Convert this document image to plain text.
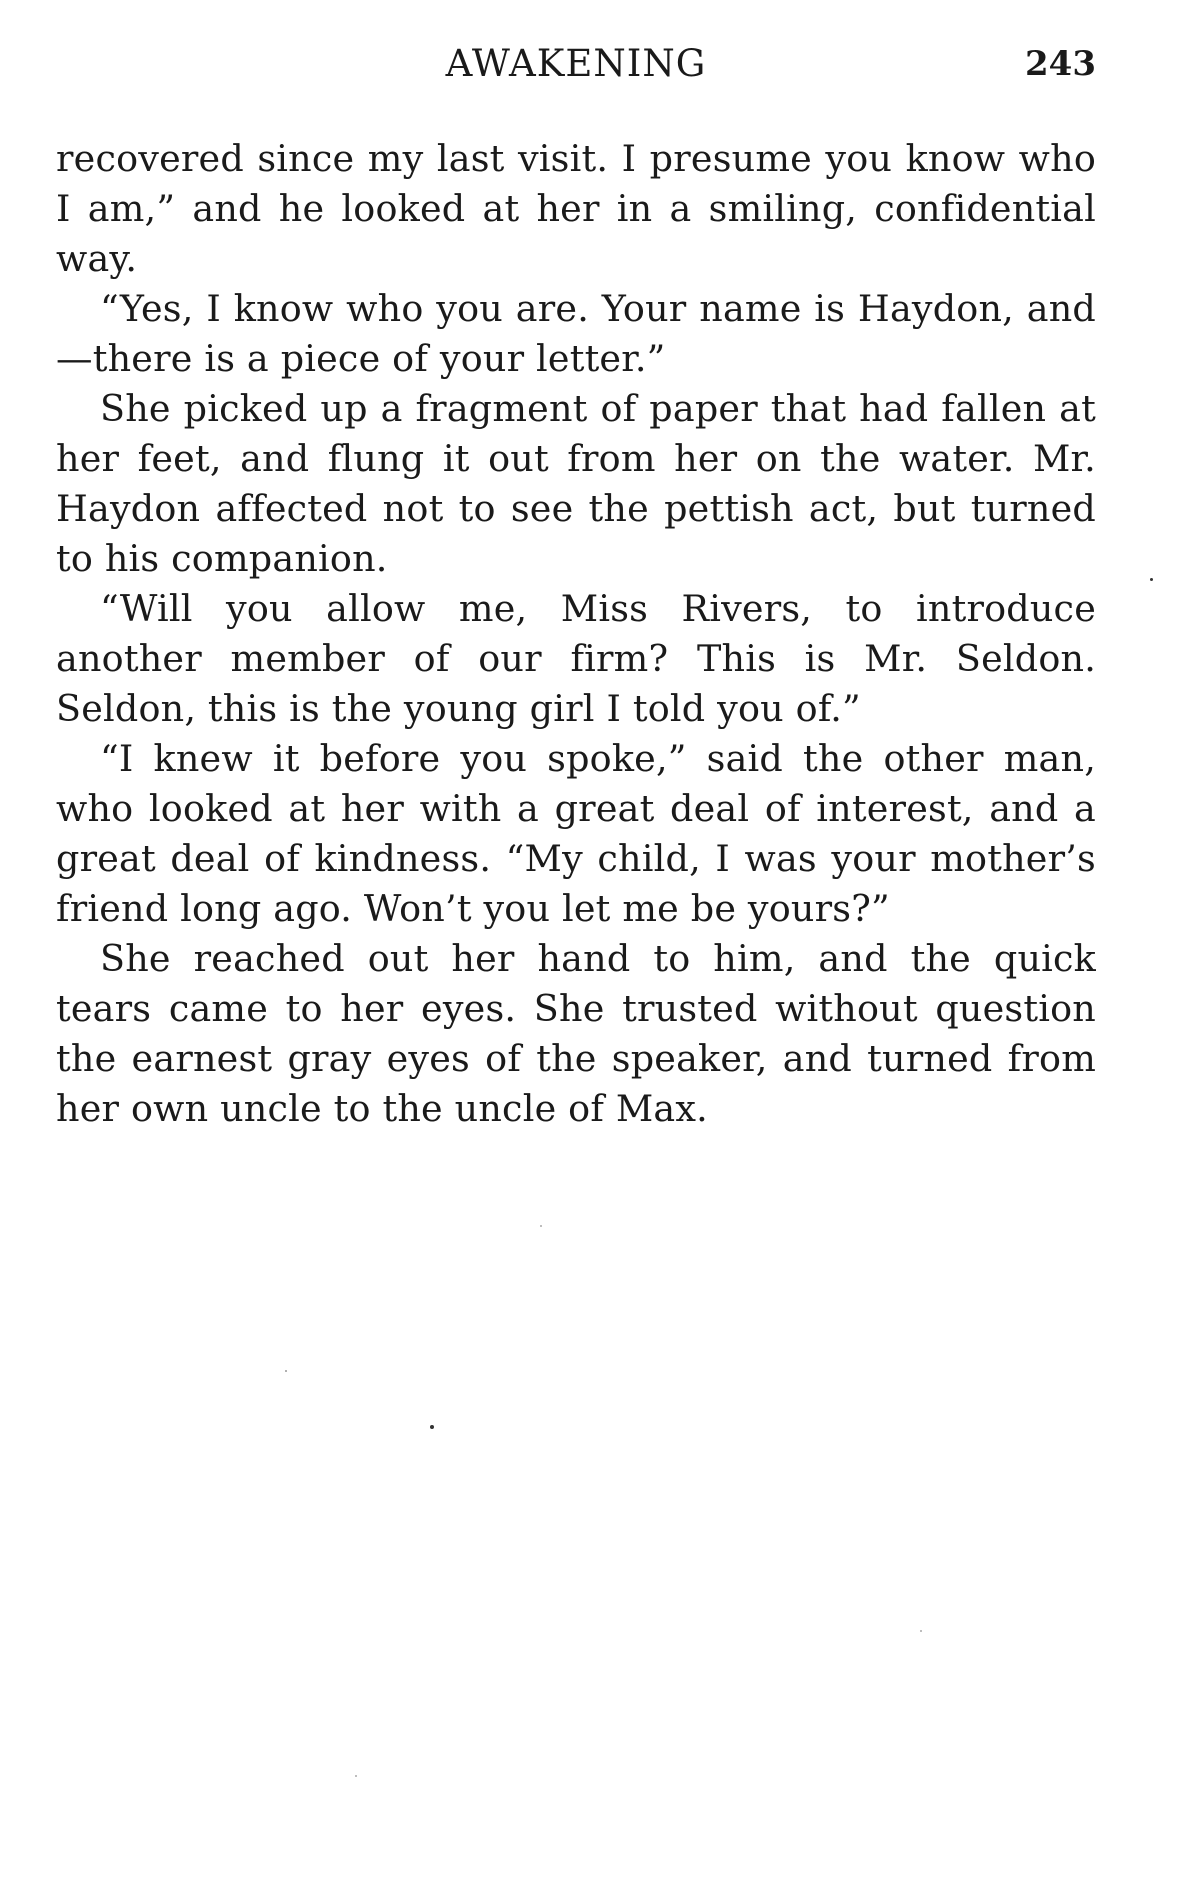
AWAKENING	243

recovered since my last visit. I presume you know who I am,” and he looked at her in a smiling, confidential way.

“Yes, I know who you are. Your name is Haydon, and—there is a piece of your letter.”

She picked up a fragment of paper that had fallen at her feet, and flung it out from her on the water. Mr. Haydon affected not to see the pettish act, but turned to his companion.

“Will you allow me, Miss Rivers, to introduce another member of our firm? This is Mr. Seldon. Seldon, this is the young girl I told you of.”

“I knew it before you spoke,” said the other man, who looked at her with a great deal of interest, and a great deal of kindness. “My child, I was your mother’s friend long ago. Won’t you let me be yours?”

She reached out her hand to him, and the quick tears came to her eyes. She trusted without question the earnest gray eyes of the speaker, and turned from her own uncle to the uncle of Max.
